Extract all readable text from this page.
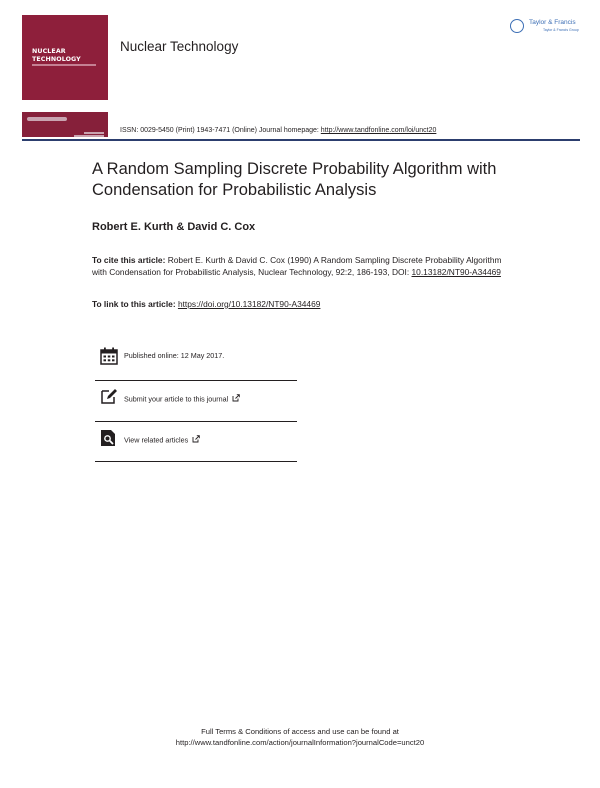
NUCLEAR
TECHNOLOGY
Nuclear Technology
Taylor & Francis
Taylor & Francis Group
ISSN: 0029-5450 (Print) 1943-7471 (Online) Journal homepage: http://www.tandfonline.com/loi/unct20
A Random Sampling Discrete Probability Algorithm with Condensation for Probabilistic Analysis
Robert E. Kurth & David C. Cox
To cite this article: Robert E. Kurth & David C. Cox (1990) A Random Sampling Discrete Probability Algorithm with Condensation for Probabilistic Analysis, Nuclear Technology, 92:2, 186-193, DOI: 10.13182/NT90-A34469
To link to this article: https://doi.org/10.13182/NT90-A34469
Published online: 12 May 2017.
Submit your article to this journal
View related articles
Full Terms & Conditions of access and use can be found at
http://www.tandfonline.com/action/journalInformation?journalCode=unct20
